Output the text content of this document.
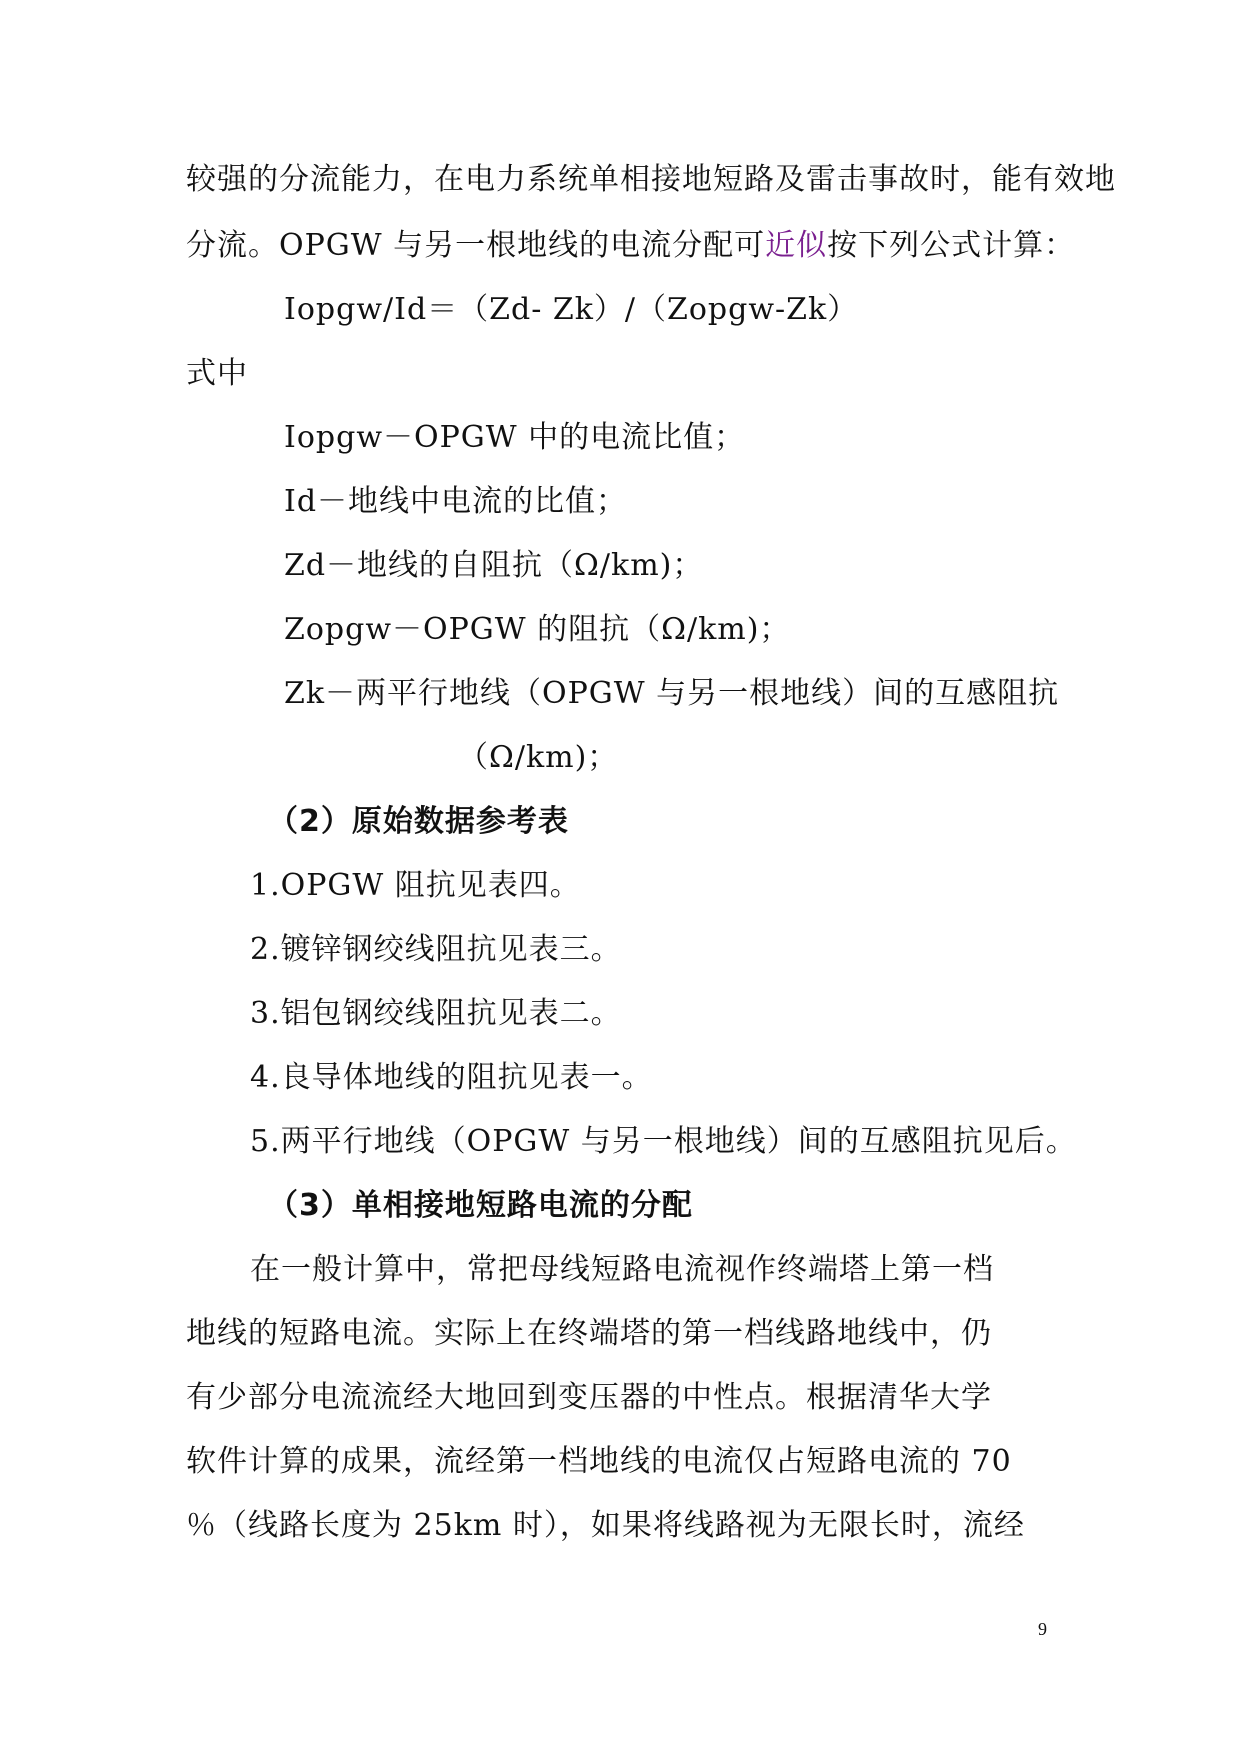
较强的分流能力，在电力系统单相接地短路及雷击事故时，能有效地
分流。OPGW 与另一根地线的电流分配可近似按下列公式计算：
Iopgw/Id＝（Zd- Zk）/（Zopgw-Zk）
式中
Iopgw－OPGW 中的电流比值；
Id－地线中电流的比值；
Zd－地线的自阻抗（Ω/km)；
Zopgw－OPGW 的阻抗（Ω/km)；
Zk－两平行地线（OPGW 与另一根地线）间的互感阻抗
（Ω/km)；
（2）原始数据参考表
1.OPGW 阻抗见表四。
2.镀锌钢绞线阻抗见表三。
3.铝包钢绞线阻抗见表二。
4.良导体地线的阻抗见表一。
5.两平行地线（OPGW 与另一根地线）间的互感阻抗见后。
（3）单相接地短路电流的分配
在一般计算中，常把母线短路电流视作终端塔上第一档
地线的短路电流。实际上在终端塔的第一档线路地线中，仍
有少部分电流流经大地回到变压器的中性点。根据清华大学
软件计算的成果，流经第一档地线的电流仅占短路电流的 70
％（线路长度为 25km 时），如果将线路视为无限长时，流经
9
